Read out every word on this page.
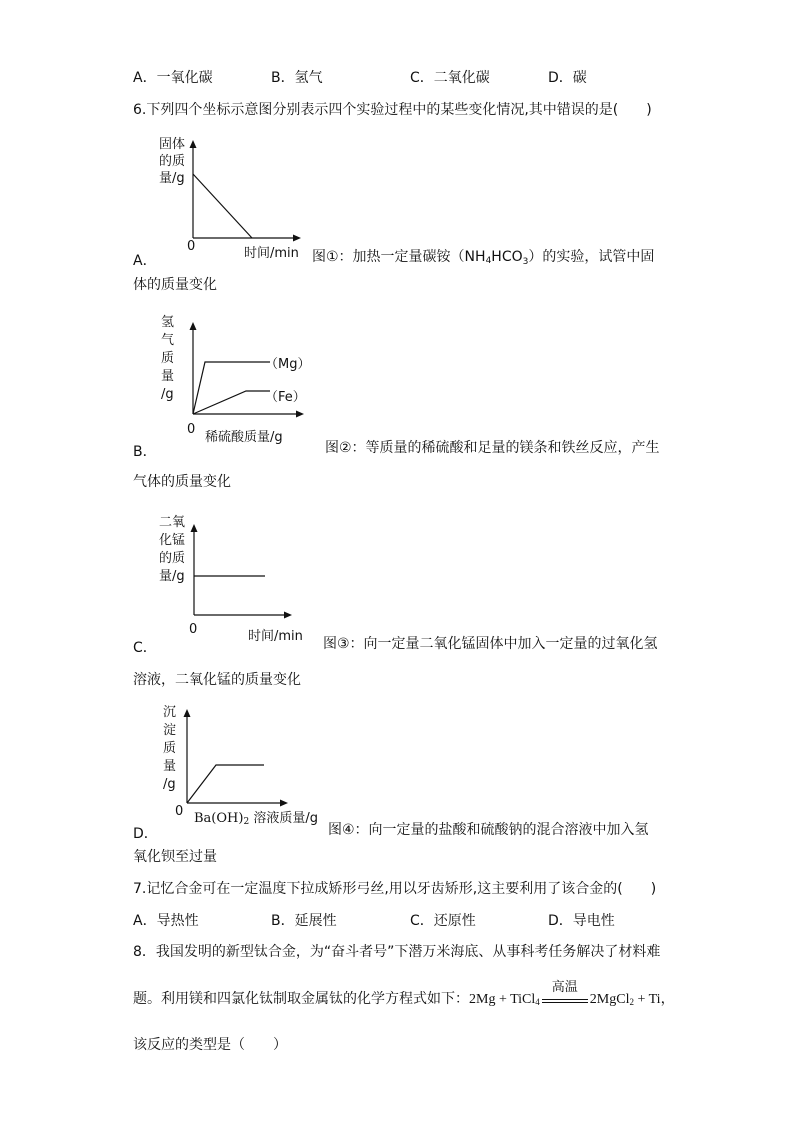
A．一氧化碳	B．氢气	C．二氧化碳	D．碳
6.下列四个坐标示意图分别表示四个实验过程中的某些变化情况,其中错误的是(　　)
固体
的质
量/g
0	时间/min
A．	图①：加热一定量碳铵$(NH_4HCO_3)$的实验，试管中固
体的质量变化
氢
气
质
量
/g
（Mg）
（Fe）
0
稀硫酸质量/g
B．	图②：等质量的稀硫酸和足量的镁条和铁丝反应，产生
气体的质量变化
二氧
化锰
的质
量/g
0	时间/min
C．	图③：向一定量二氧化锰固体中加入一定量的过氧化氢
溶液，二氧化锰的质量变化
沉
淀
质
量
/g
0 $Ba(OH)_2$ 溶液质量/g
D．	图④：向一定量的盐酸和硫酸钠的混合溶液中加入氢
氧化钡至过量
7.记忆合金可在一定温度下拉成矫形弓丝,用以牙齿矫形,这主要利用了该合金的(　　)
A．导热性	B．延展性	C．还原性	D．导电性
8．我国发明的新型钛合金，为“奋斗者号”下潜万米海底、从事科考任务解决了材料难
题。利用镁和四氯化钛制取金属钛的化学方程式如下：2Mg + TiCl$_4$
高温
2MgCl$_2$ + Ti，
该反应的类型是（　　）
